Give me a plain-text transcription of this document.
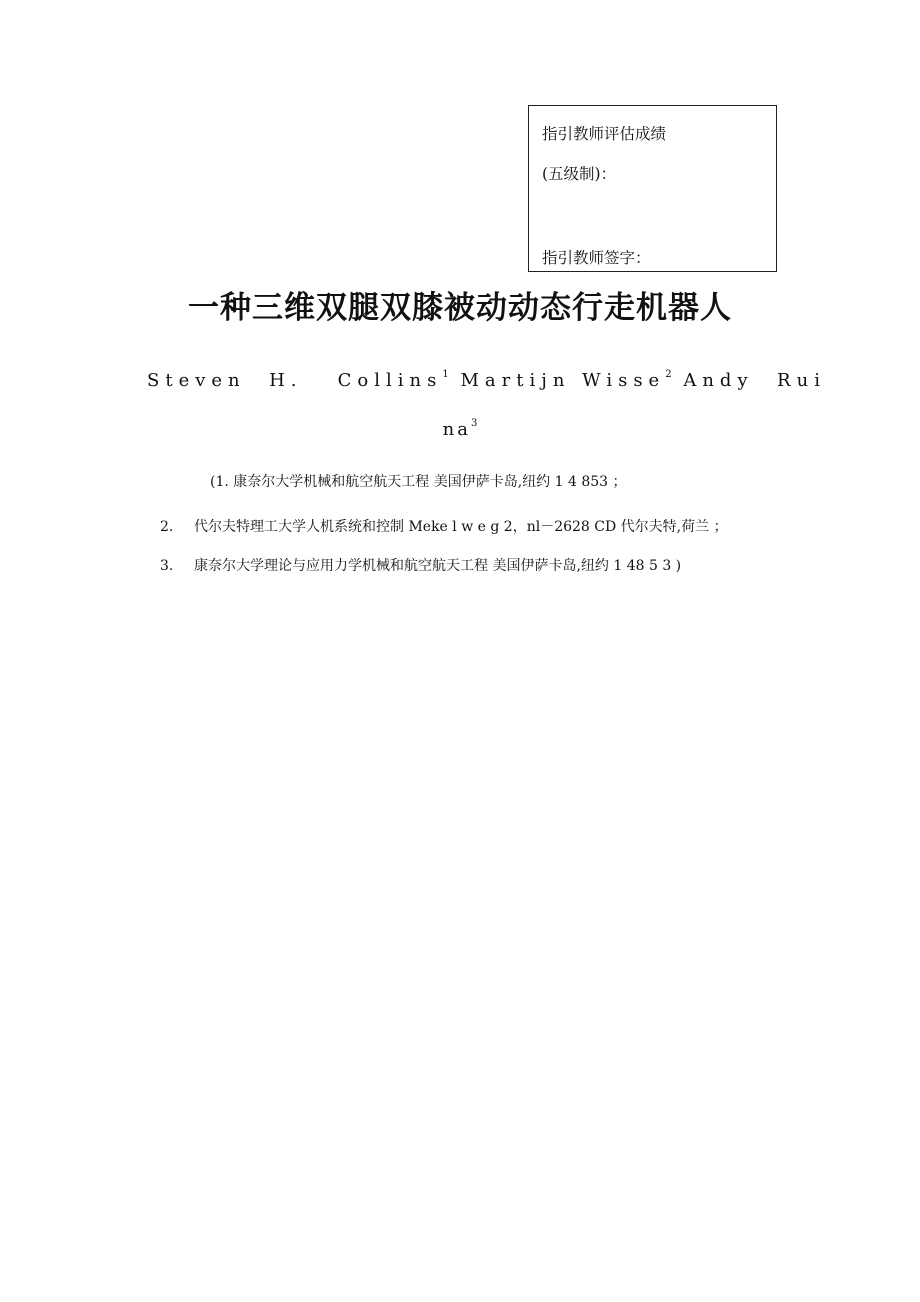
指引教师评估成绩
(五级制)：
指引教师签字：
一种三维双腿双膝被动动态行走机器人
Steven  H.   Collins$^1$ Martijn Wisse$^2$ Andy  Rui
$na^3$
(1. 康奈尔大学机械和航空航天工程 美国伊萨卡岛,纽约 1 4 853 ；
2. 代尔夫特理工大学人机系统和控制 Meke l w e g 2，nl－2628 CD 代尔夫特,荷兰 ；
3. 康奈尔大学理论与应用力学机械和航空航天工程 美国伊萨卡岛,纽约 1 48 5 3 )
